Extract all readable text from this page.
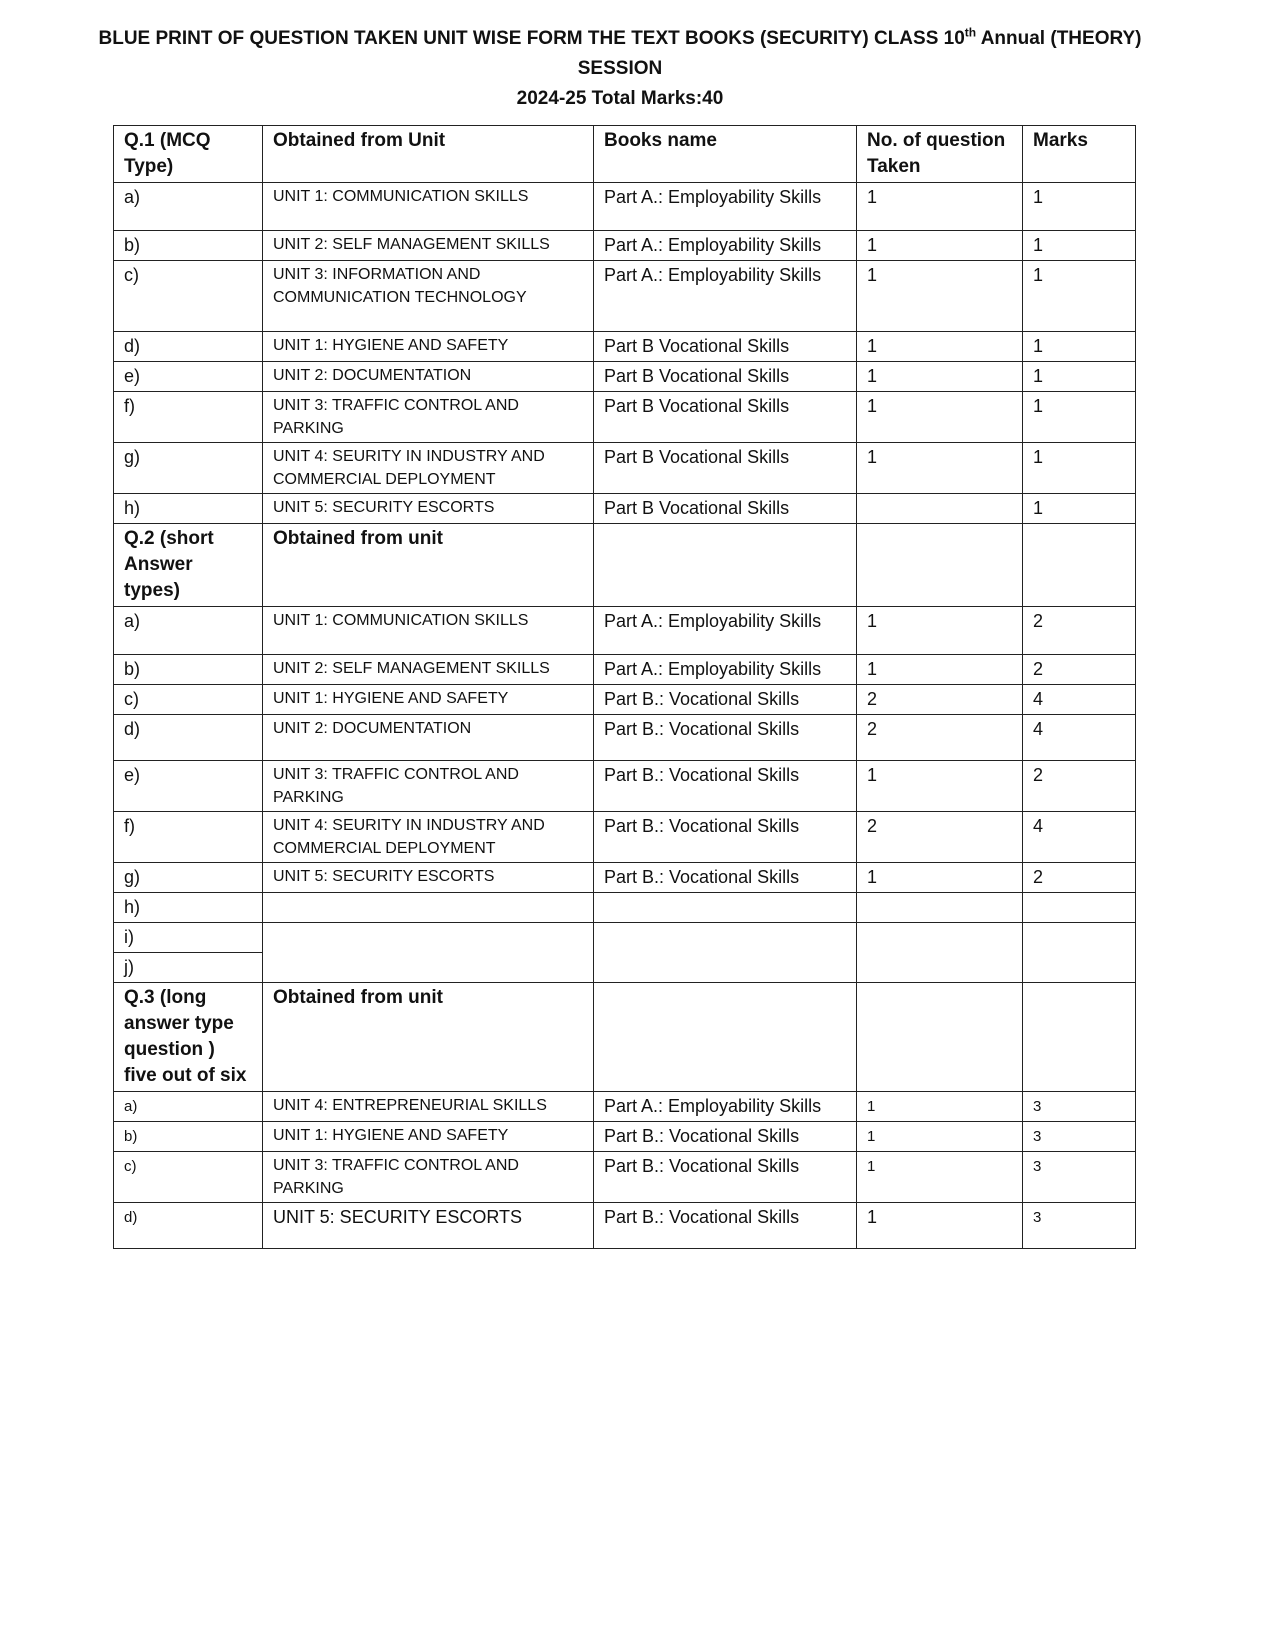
BLUE PRINT OF QUESTION TAKEN UNIT WISE FORM THE TEXT BOOKS (SECURITY) CLASS 10th Annual (THEORY) SESSION
2024-25 Total Marks:40
Q.1 (MCQ Type)	Obtained from Unit	Books name	No. of question Taken	Marks
a)	UNIT 1: COMMUNICATION SKILLS	Part A.: Employability Skills	1	1
b)	UNIT 2: SELF MANAGEMENT SKILLS	Part A.: Employability Skills	1	1
c)	UNIT 3: INFORMATION AND COMMUNICATION TECHNOLOGY	Part A.: Employability Skills	1	1
d)	UNIT 1: HYGIENE AND SAFETY	Part B Vocational Skills	1	1
e)	UNIT 2: DOCUMENTATION	Part B Vocational Skills	1	1
f)	UNIT 3: TRAFFIC CONTROL AND PARKING	Part B Vocational Skills	1	1
g)	UNIT 4: SEURITY IN INDUSTRY AND COMMERCIAL DEPLOYMENT	Part B Vocational Skills	1	1
h)	UNIT 5: SECURITY ESCORTS	Part B Vocational Skills		1
Q.2 (short Answer types)	Obtained from unit			
a)	UNIT 1: COMMUNICATION SKILLS	Part A.: Employability Skills	1	2
b)	UNIT 2: SELF MANAGEMENT SKILLS	Part A.: Employability Skills	1	2
c)	UNIT 1: HYGIENE AND SAFETY	Part B.: Vocational Skills	2	4
d)	UNIT 2: DOCUMENTATION	Part B.: Vocational Skills	2	4
e)	UNIT 3: TRAFFIC CONTROL AND PARKING	Part B.: Vocational Skills	1	2
f)	UNIT 4: SEURITY IN INDUSTRY AND COMMERCIAL DEPLOYMENT	Part B.: Vocational Skills	2	4
g)	UNIT 5: SECURITY ESCORTS	Part B.: Vocational Skills	1	2
h)				
i)				
j)				
Q.3 (long answer type question ) five out of six	Obtained from unit			
a)	UNIT 4: ENTREPRENEURIAL SKILLS	Part A.: Employability Skills	1	3
b)	UNIT 1: HYGIENE AND SAFETY	Part B.: Vocational Skills	1	3
c)	UNIT 3: TRAFFIC CONTROL AND PARKING	Part B.: Vocational Skills	1	3
d)	UNIT 5: SECURITY ESCORTS	Part B.: Vocational Skills	1	3
